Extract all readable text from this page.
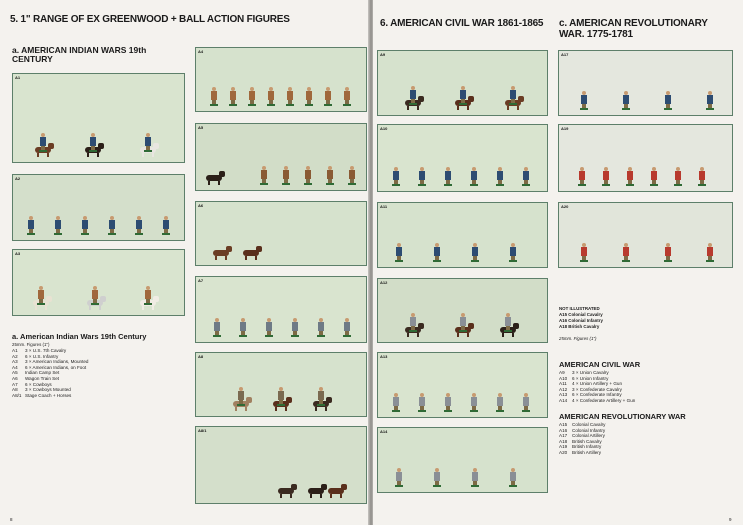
5. 1" RANGE OF EX GREENWOOD + BALL ACTION FIGURES
a. AMERICAN INDIAN WARS 19th CENTURY
A1
A2
A3
A4
A5
A6
A7
A8
A8/1
a. American Indian Wars 19th Century
25mm. Figures (1")
A1	3 × U.S. 7th Cavalry
A2	6 × U.S. Infantry
A3	3 × American Indians, Mounted
A4	6 × American Indians, on Foot
A5	Indian Camp Set
A6	Wagon Train Set
A7	6 × Cowboys
A8	3 × Cowboys Mounted
A8/1 Stage Coach + Horses
8
6. AMERICAN CIVIL WAR 1861-1865 c. AMERICAN REVOLUTIONARY WAR. 1775-1781
A9
A10
A11
A12
A13
A14
A17
A19
A20
NOT ILLUSTRATED
A15 Colonial Cavalry
A16 Colonial Infantry
A18 British Cavalry
25mm. Figures (1")
AMERICAN CIVIL WAR
A9	3 × Union Cavalry
A10	6 × Union Infantry
A11	4 × Union Artillery + Gun
A12	3 × Confederate Cavalry
A13	6 × Confederate Infantry
A14	4 × Confederate Artillery + Gun
AMERICAN REVOLUTIONARY WAR
A15	Colonial Cavalry
A16	Colonial Infantry
A17	Colonial Artillery
A18	British Cavalry
A19	British Infantry
A20	British Artillery
9
